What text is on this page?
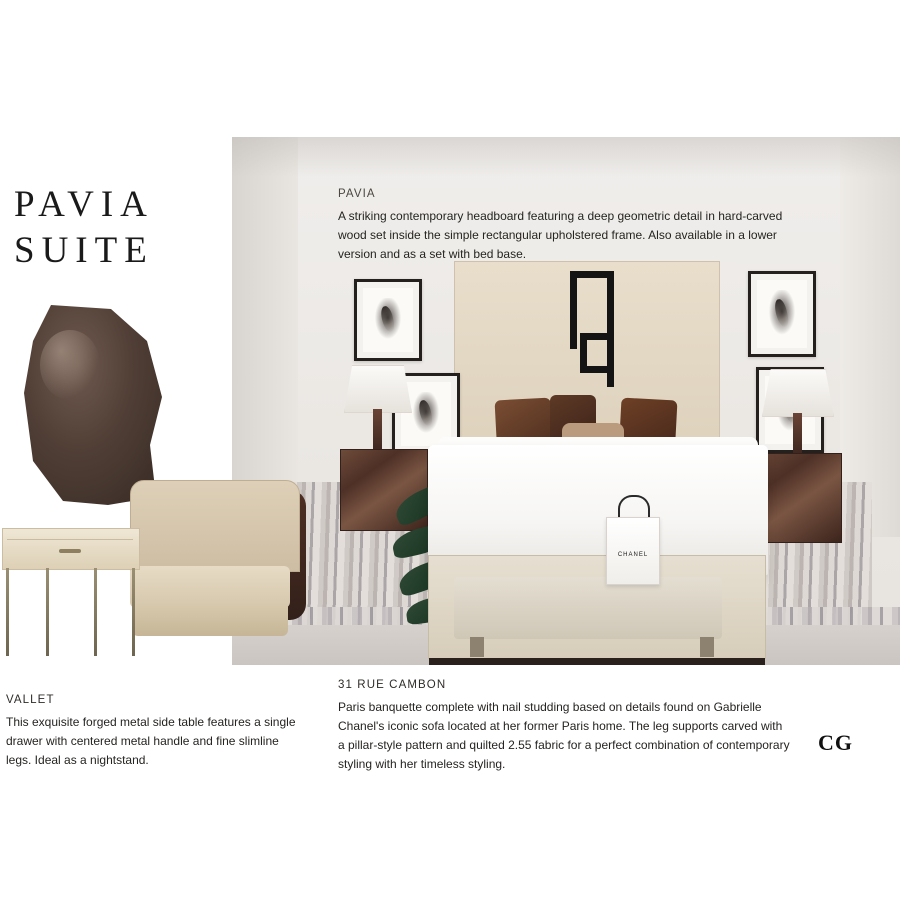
PAVIA
SUITE
CHANEL
PAVIA
A striking contemporary headboard featuring a deep geometric detail in hard-carved wood set inside the simple rectangular upholstered frame. Also available in a lower version and as a set with bed base.
VALLET
This exquisite forged metal side table features a single drawer with centered metal handle and fine slimline legs. Ideal as a nightstand.
31 RUE CAMBON
Paris banquette complete with nail studding based on details found on Gabrielle Chanel's iconic sofa located at her former Paris home. The leg supports carved with a pillar-style pattern and quilted 2.55 fabric for a perfect combination of contemporary styling with her timeless styling.
CG
